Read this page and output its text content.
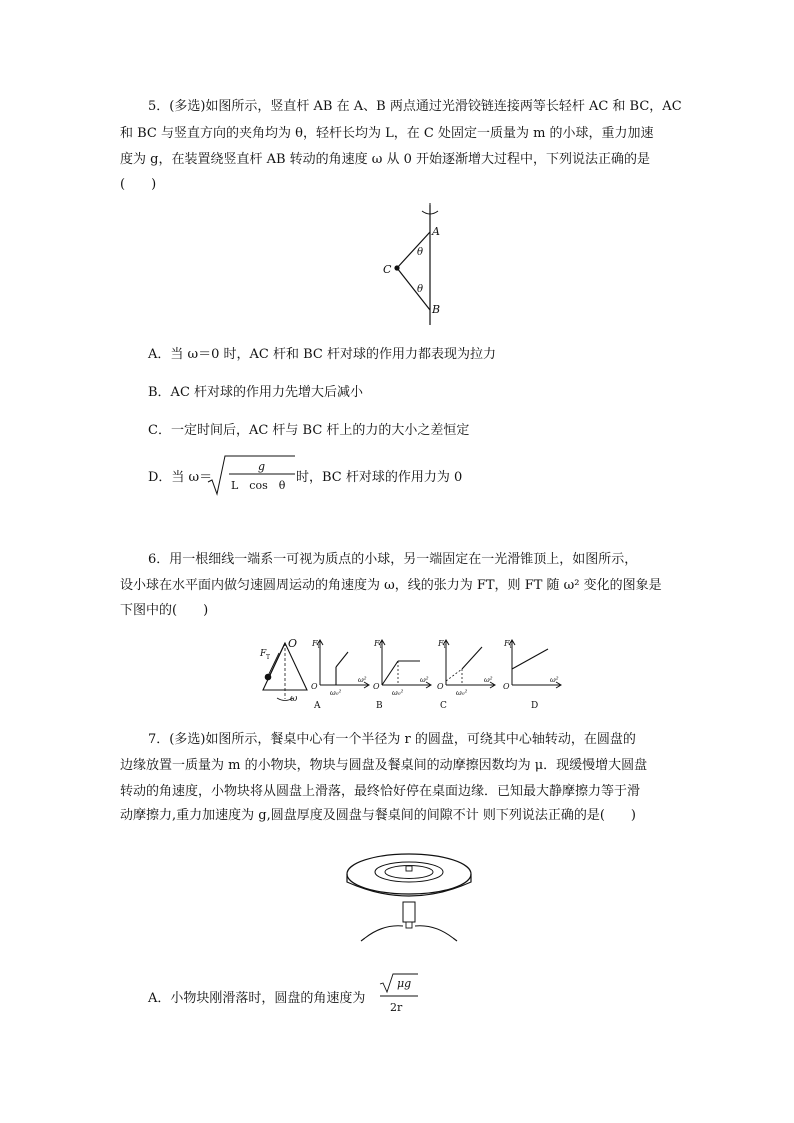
5．(多选)如图所示，竖直杆 AB 在 A、B 两点通过光滑铰链连接两等长轻杆 AC 和 BC，AC
和 BC 与竖直方向的夹角均为 θ，轻杆长均为 L，在 C 处固定一质量为 m 的小球，重力加速
度为 g，在装置绕竖直杆 AB 转动的角速度 ω 从 0 开始逐渐增大过程中，下列说法正确的是
(　　)
A
B
C
θ
θ
A．当 ω＝0 时，AC 杆和 BC 杆对球的作用力都表现为拉力
B．AC 杆对球的作用力先增大后减小
C．一定时间后，AC 杆与 BC 杆上的力的大小之差恒定
D．当 ω＝
g
L　cos　θ
时，BC 杆对球的作用力为 0
6．用一根细线一端系一可视为质点的小球，另一端固定在一光滑锥顶上，如图所示，
设小球在水平面内做匀速圆周运动的角速度为 ω，线的张力为 FT，则 FT 随 ω² 变化的图象是
下图中的(　　)
O
F T
ω
F T
O
ω₀²
ω²
A
F T
O
ω₀²
ω²
B
F T
O
ω₀²
ω²
C
F T
O
ω²
D
7．(多选)如图所示，餐桌中心有一个半径为 r 的圆盘，可绕其中心轴转动，在圆盘的
边缘放置一质量为 m 的小物块，物块与圆盘及餐桌间的动摩擦因数均为 μ．现缓慢增大圆盘
转动的角速度，小物块将从圆盘上滑落，最终恰好停在桌面边缘．已知最大静摩擦力等于滑
动摩擦力,重力加速度为 g,圆盘厚度及圆盘与餐桌间的间隙不计 则下列说法正确的是(　　)
A．小物块刚滑落时，圆盘的角速度为
μg
2r
